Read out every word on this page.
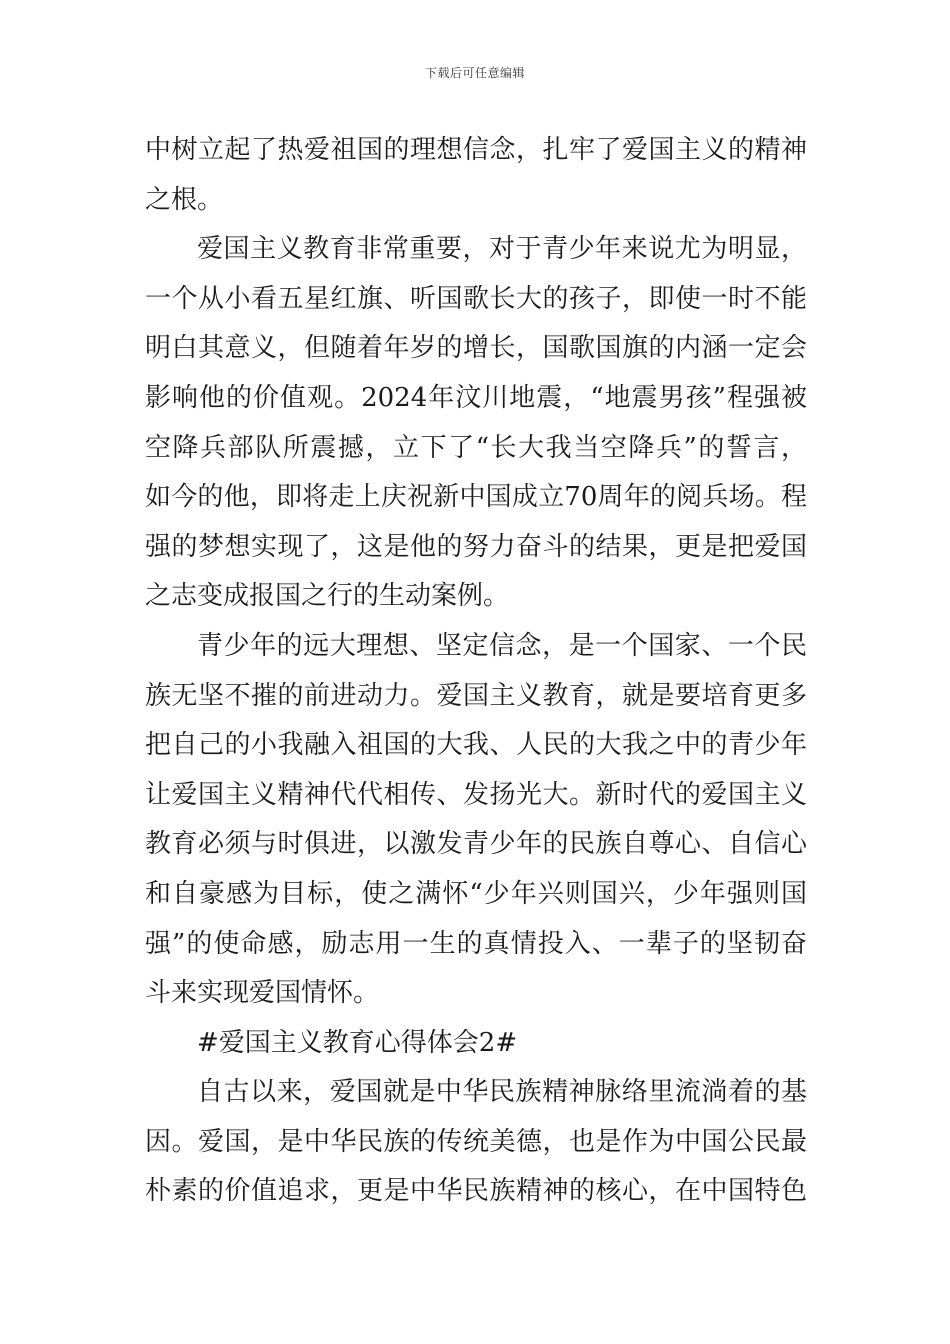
下载后可任意编辑
中树立起了热爱祖国的理想信念，扎牢了爱国主义的精神
之根。
爱国主义教育非常重要，对于青少年来说尤为明显，
一个从小看五星红旗、听国歌长大的孩子，即使一时不能
明白其意义，但随着年岁的增长，国歌国旗的内涵一定会
影响他的价值观。2024年汶川地震，“地震男孩”程强被
空降兵部队所震撼，立下了“长大我当空降兵”的誓言，
如今的他，即将走上庆祝新中国成立70周年的阅兵场。程
强的梦想实现了，这是他的努力奋斗的结果，更是把爱国
之志变成报国之行的生动案例。
青少年的远大理想、坚定信念，是一个国家、一个民
族无坚不摧的前进动力。爱国主义教育，就是要培育更多
把自己的小我融入祖国的大我、人民的大我之中的青少年
让爱国主义精神代代相传、发扬光大。新时代的爱国主义
教育必须与时俱进，以激发青少年的民族自尊心、自信心
和自豪感为目标，使之满怀“少年兴则国兴，少年强则国
强”的使命感，励志用一生的真情投入、一辈子的坚韧奋
斗来实现爱国情怀。
#爱国主义教育心得体会2#
自古以来，爱国就是中华民族精神脉络里流淌着的基
因。爱国，是中华民族的传统美德，也是作为中国公民最
朴素的价值追求，更是中华民族精神的核心，在中国特色
